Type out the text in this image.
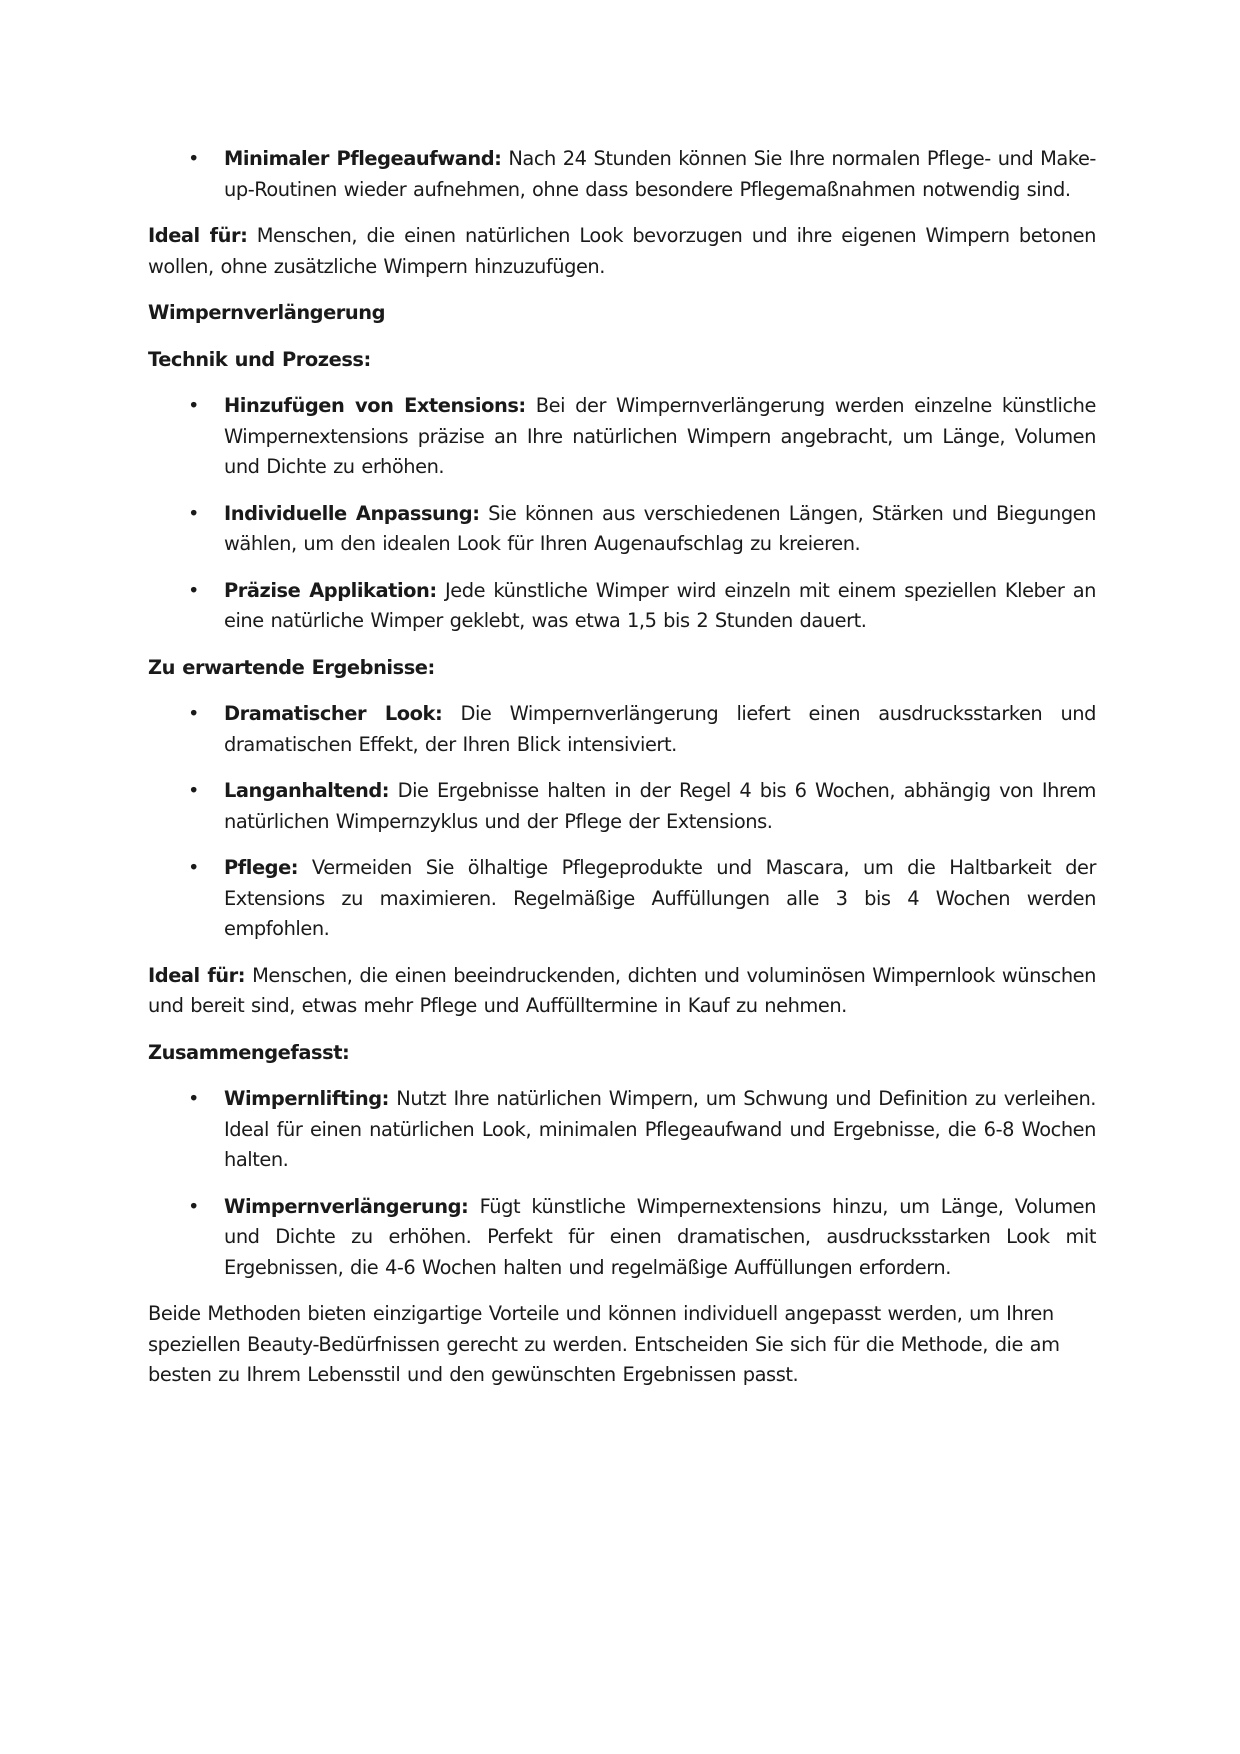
• Minimaler Pflegeaufwand: Nach 24 Stunden können Sie Ihre normalen Pflege- und Make-up-Routinen wieder aufnehmen, ohne dass besondere Pflegemaßnahmen notwendig sind.

Ideal für: Menschen, die einen natürlichen Look bevorzugen und ihre eigenen Wimpern betonen wollen, ohne zusätzliche Wimpern hinzuzufügen.

Wimpernverlängerung

Technik und Prozess:

• Hinzufügen von Extensions: Bei der Wimpernverlängerung werden einzelne künstliche Wimpernextensions präzise an Ihre natürlichen Wimpern angebracht, um Länge, Volumen und Dichte zu erhöhen.
• Individuelle Anpassung: Sie können aus verschiedenen Längen, Stärken und Biegungen wählen, um den idealen Look für Ihren Augenaufschlag zu kreieren.
• Präzise Applikation: Jede künstliche Wimper wird einzeln mit einem speziellen Kleber an eine natürliche Wimper geklebt, was etwa 1,5 bis 2 Stunden dauert.

Zu erwartende Ergebnisse:

• Dramatischer Look: Die Wimpernverlängerung liefert einen ausdrucksstarken und dramatischen Effekt, der Ihren Blick intensiviert.
• Langanhaltend: Die Ergebnisse halten in der Regel 4 bis 6 Wochen, abhängig von Ihrem natürlichen Wimpernzyklus und der Pflege der Extensions.
• Pflege: Vermeiden Sie ölhaltige Pflegeprodukte und Mascara, um die Haltbarkeit der Extensions zu maximieren. Regelmäßige Auffüllungen alle 3 bis 4 Wochen werden empfohlen.

Ideal für: Menschen, die einen beeindruckenden, dichten und voluminösen Wimpernlook wünschen und bereit sind, etwas mehr Pflege und Auffülltermine in Kauf zu nehmen.

Zusammengefasst:

• Wimpernlifting: Nutzt Ihre natürlichen Wimpern, um Schwung und Definition zu verleihen. Ideal für einen natürlichen Look, minimalen Pflegeaufwand und Ergebnisse, die 6-8 Wochen halten.
• Wimpernverlängerung: Fügt künstliche Wimpernextensions hinzu, um Länge, Volumen und Dichte zu erhöhen. Perfekt für einen dramatischen, ausdrucksstarken Look mit Ergebnissen, die 4-6 Wochen halten und regelmäßige Auffüllungen erfordern.

Beide Methoden bieten einzigartige Vorteile und können individuell angepasst werden, um Ihren speziellen Beauty-Bedürfnissen gerecht zu werden. Entscheiden Sie sich für die Methode, die am besten zu Ihrem Lebensstil und den gewünschten Ergebnissen passt.
